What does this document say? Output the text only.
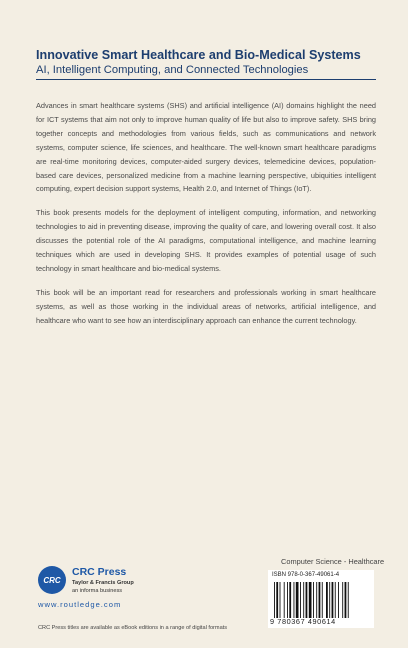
Innovative Smart Healthcare and Bio-Medical Systems
AI, Intelligent Computing, and Connected Technologies

Advances in smart healthcare systems (SHS) and artificial intelligence (AI) domains highlight the need for ICT systems that aim not only to improve human quality of life but also to improve safety. SHS bring together concepts and methodologies from various fields, such as communications and network systems, computer science, life sciences, and healthcare. The well-known smart healthcare paradigms are real-time monitoring devices, computer-aided surgery devices, telemedicine devices, population-based care devices, personalized medicine from a machine learning perspective, ubiquities intelligent computing, expert decision support systems, Health 2.0, and Internet of Things (IoT).

This book presents models for the deployment of intelligent computing, information, and networking technologies to aid in preventing disease, improving the quality of care, and lowering overall cost. It also discusses the potential role of the AI paradigms, computational intelligence, and machine learning techniques which are used in developing SHS. It provides examples of potential usage of such technology in smart healthcare and bio-medical systems.

This book will be an important read for researchers and professionals working in smart healthcare systems, as well as those working in the individual areas of networks, artificial intelligence, and healthcare who want to see how an interdisciplinary approach can enhance the current technology.

Computer Science - Healthcare
ISBN 978-0-367-49061-4
9 780367 490614
CRC
CRC Press
Taylor & Francis Group
an informa business
www.routledge.com
CRC Press titles are available as eBook editions in a range of digital formats
